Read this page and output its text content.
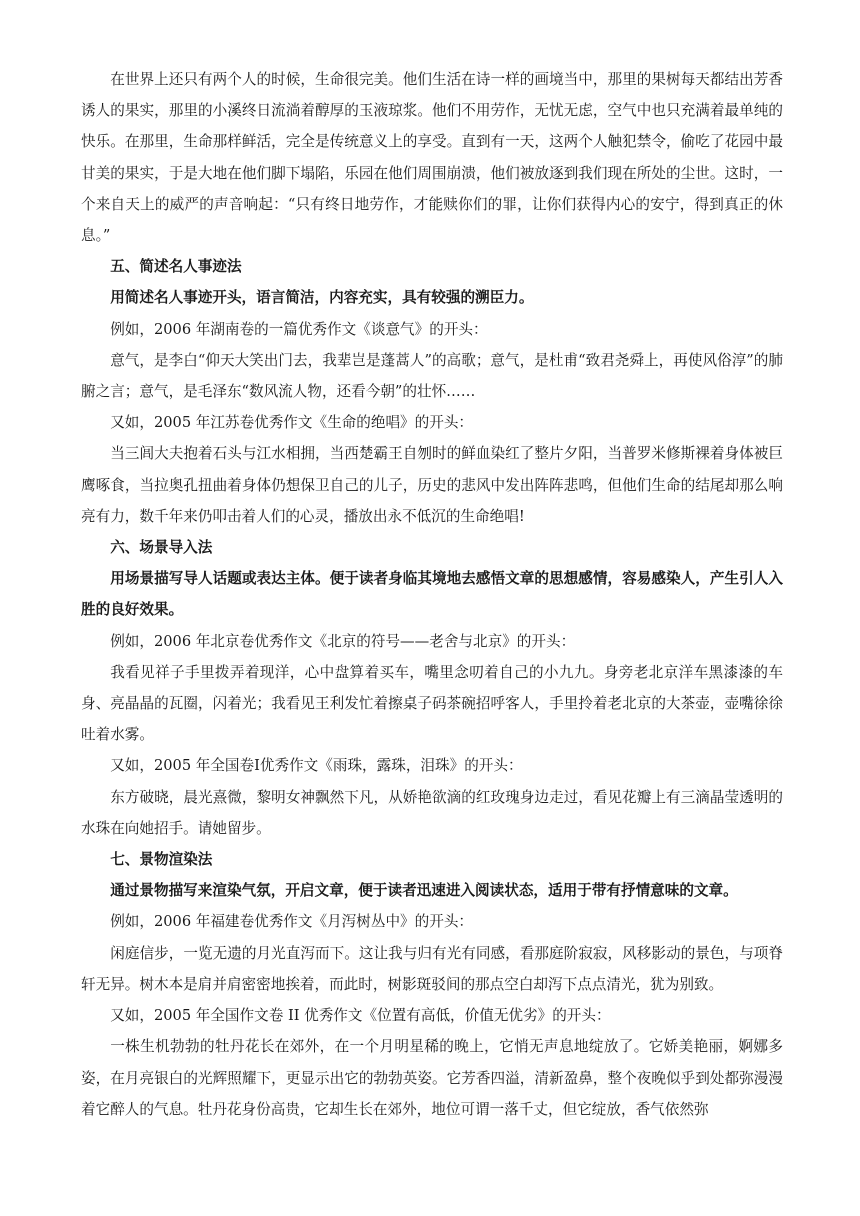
在世界上还只有两个人的时候，生命很完美。他们生活在诗一样的画境当中，那里的果树每天都结出芳香诱人的果实，那里的小溪终日流淌着醇厚的玉液琼浆。他们不用劳作，无忧无虑，空气中也只充满着最单纯的快乐。在那里，生命那样鲜活，完全是传统意义上的享受。直到有一天，这两个人触犯禁令，偷吃了花园中最甘美的果实，于是大地在他们脚下塌陷，乐园在他们周围崩溃，他们被放逐到我们现在所处的尘世。这时，一个来自天上的威严的声音响起：“只有终日地劳作，才能赎你们的罪，让你们获得内心的安宁，得到真正的休息。”

五、简述名人事迹法

用简述名人事迹开头，语言简洁，内容充实，具有较强的溯臣力。

例如，2006 年湖南卷的一篇优秀作文《谈意气》的开头：

意气，是李白“仰天大笑出门去，我辈岂是蓬蒿人”的高歌；意气，是杜甫“致君尧舜上，再使风俗淳”的肺腑之言；意气，是毛泽东“数风流人物，还看今朝”的壮怀……

又如，2005 年江苏卷优秀作文《生命的绝唱》的开头：

当三闾大夫抱着石头与江水相拥，当西楚霸王自刎时的鲜血染红了整片夕阳，当普罗米修斯裸着身体被巨鹰啄食，当拉奥孔扭曲着身体仍想保卫自己的儿子，历史的悲风中发出阵阵悲鸣，但他们生命的结尾却那么响亮有力，数千年来仍叩击着人们的心灵，播放出永不低沉的生命绝唱!

六、场景导入法

用场景描写导人话题或表达主体。便于读者身临其境地去感悟文章的思想感情，容易感染人，产生引人入胜的良好效果。

例如，2006 年北京卷优秀作文《北京的符号——老舍与北京》的开头：

我看见祥子手里拨弄着现洋，心中盘算着买车，嘴里念叨着自己的小九九。身旁老北京洋车黑漆漆的车身、亮晶晶的瓦圈，闪着光；我看见王利发忙着擦桌子码茶碗招呼客人，手里拎着老北京的大茶壶，壶嘴徐徐吐着水雾。

又如，2005 年全国卷Ⅰ优秀作文《雨珠，露珠，泪珠》的开头：

东方破晓，晨光熹微，黎明女神飘然下凡，从娇艳欲滴的红玫瑰身边走过，看见花瓣上有三滴晶莹透明的水珠在向她招手。请她留步。

七、景物渲染法

通过景物描写来渲染气氛，开启文章，便于读者迅速进入阅读状态，适用于带有抒情意味的文章。

例如，2006 年福建卷优秀作文《月泻树丛中》的开头：

闲庭信步，一览无遗的月光直泻而下。这让我与归有光有同感，看那庭阶寂寂，风移影动的景色，与项脊轩无异。树木本是肩并肩密密地挨着，而此时，树影斑驳间的那点空白却泻下点点清光，犹为别致。

又如，2005 年全国作文卷 II 优秀作文《位置有高低，价值无优劣》的开头：

一株生机勃勃的牡丹花长在郊外，在一个月明星稀的晚上，它悄无声息地绽放了。它娇美艳丽，婀娜多姿，在月亮银白的光辉照耀下，更显示出它的勃勃英姿。它芳香四溢，清新盈鼻，整个夜晚似乎到处都弥漫漫着它醉人的气息。牡丹花身份高贵，它却生长在郊外，地位可谓一落千丈，但它绽放，香气依然弥
